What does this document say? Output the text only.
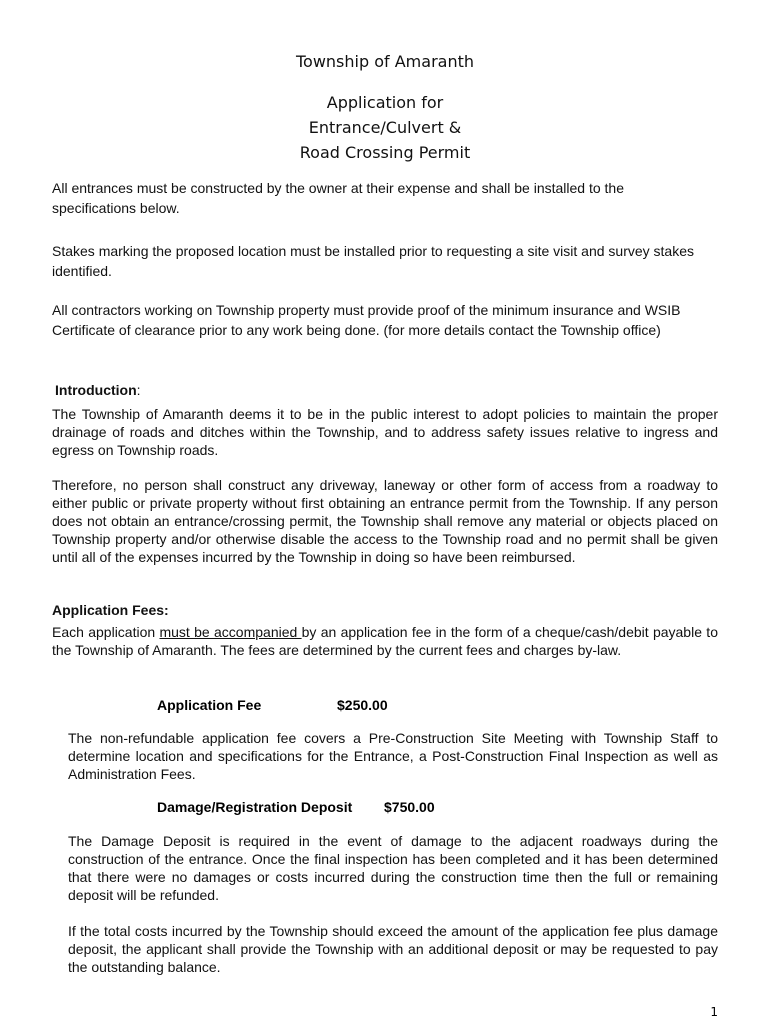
Township of Amaranth
Application for
Entrance/Culvert &
Road Crossing Permit
All entrances must be constructed by the owner at their expense and shall be installed to the specifications below.
Stakes marking the proposed location must be installed prior to requesting a site visit and survey stakes identified.
All contractors working on Township property must provide proof of the minimum insurance and WSIB Certificate of clearance prior to any work being done. (for more details contact the Township office)
Introduction:
The Township of Amaranth deems it to be in the public interest to adopt policies to maintain the proper drainage of roads and ditches within the Township, and to address safety issues relative to ingress and egress on Township roads.
Therefore, no person shall construct any driveway, laneway or other form of access from a roadway to either public or private property without first obtaining an entrance permit from the Township. If any person does not obtain an entrance/crossing permit, the Township shall remove any material or objects placed on Township property and/or otherwise disable the access to the Township road and no permit shall be given until all of the expenses incurred by the Township in doing so have been reimbursed.
Application Fees:
Each application must be accompanied by an application fee in the form of a cheque/cash/debit payable to the Township of Amaranth. The fees are determined by the current fees and charges by-law.
Application Fee	$250.00
The non-refundable application fee covers a Pre-Construction Site Meeting with Township Staff to determine location and specifications for the Entrance, a Post-Construction Final Inspection as well as Administration Fees.
Damage/Registration Deposit $750.00
The Damage Deposit is required in the event of damage to the adjacent roadways during the construction of the entrance. Once the final inspection has been completed and it has been determined that there were no damages or costs incurred during the construction time then the full or remaining deposit will be refunded.
If the total costs incurred by the Township should exceed the amount of the application fee plus damage deposit, the applicant shall provide the Township with an additional deposit or may be requested to pay the outstanding balance.
1
